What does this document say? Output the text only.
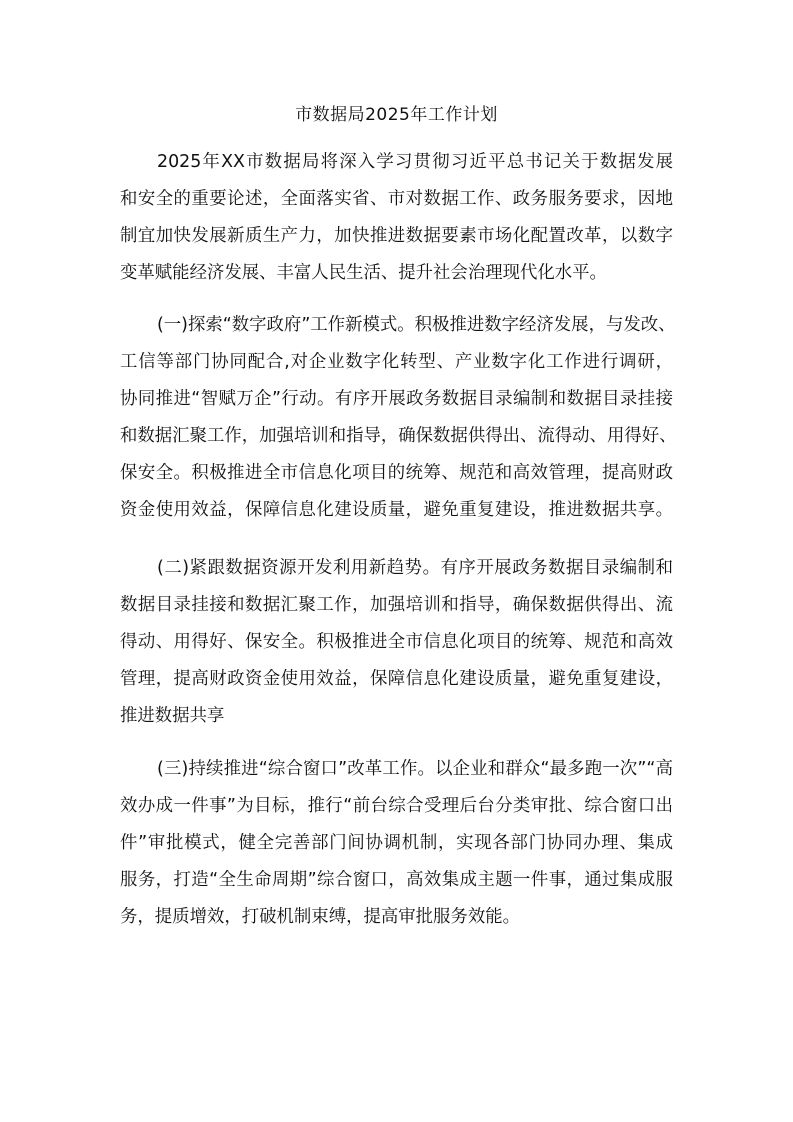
市数据局2025年工作计划
2025年XX市数据局将深入学习贯彻习近平总书记关于数据发展
和安全的重要论述，全面落实省、市对数据工作、政务服务要求，因地
制宜加快发展新质生产力，加快推进数据要素市场化配置改革，以数字
变革赋能经济发展、丰富人民生活、提升社会治理现代化水平。
(一)探索“数字政府”工作新模式。积极推进数字经济发展，与发改、
工信等部门协同配合,对企业数字化转型、产业数字化工作进行调研，
协同推进“智赋万企”行动。有序开展政务数据目录编制和数据目录挂接
和数据汇聚工作，加强培训和指导，确保数据供得出、流得动、用得好、
保安全。积极推进全市信息化项目的统筹、规范和高效管理，提高财政
资金使用效益，保障信息化建设质量，避免重复建设，推进数据共享。
(二)紧跟数据资源开发利用新趋势。有序开展政务数据目录编制和
数据目录挂接和数据汇聚工作，加强培训和指导，确保数据供得出、流
得动、用得好、保安全。积极推进全市信息化项目的统筹、规范和高效
管理，提高财政资金使用效益，保障信息化建设质量，避免重复建设，
推进数据共享
(三)持续推进“综合窗口”改革工作。以企业和群众“最多跑一次”“高
效办成一件事”为目标，推行“前台综合受理后台分类审批、综合窗口出
件”审批模式，健全完善部门间协调机制，实现各部门协同办理、集成
服务，打造“全生命周期”综合窗口，高效集成主题一件事，通过集成服
务，提质增效，打破机制束缚，提高审批服务效能。
